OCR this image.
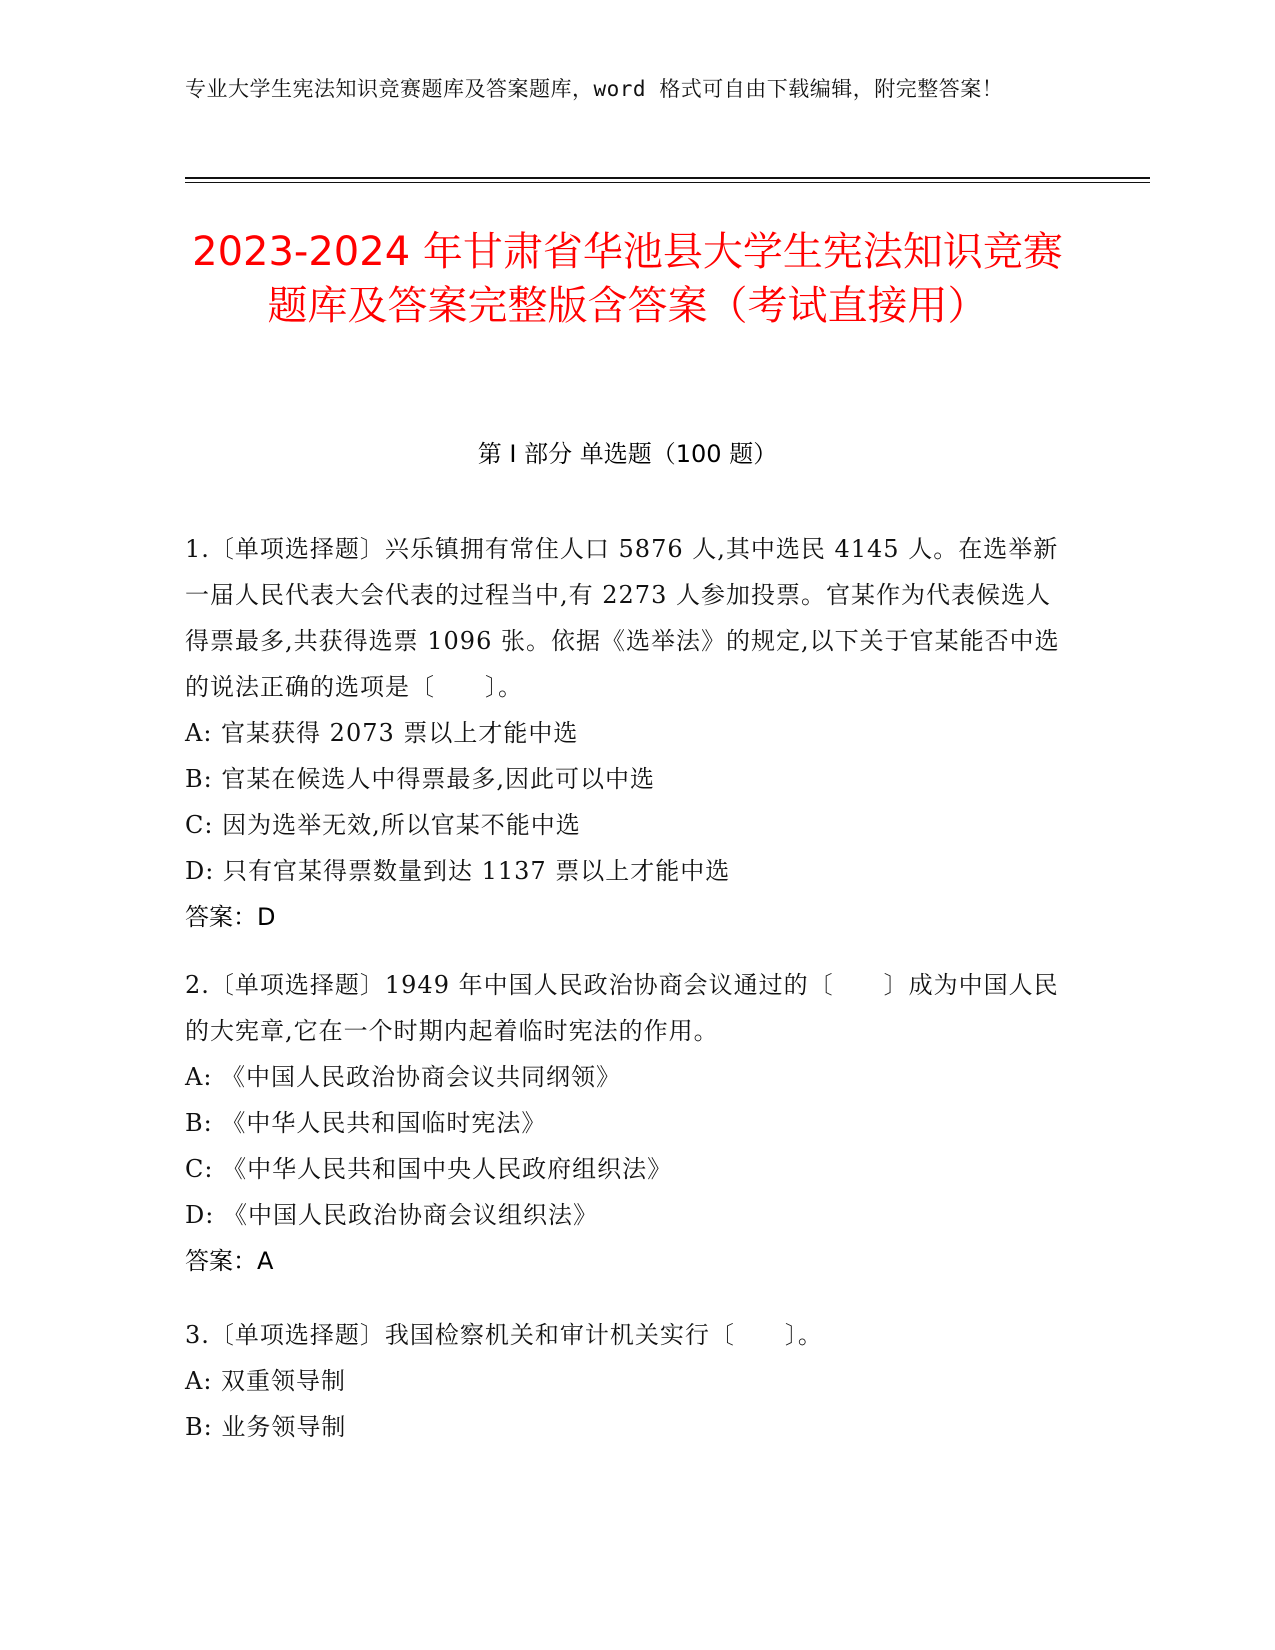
专业大学生宪法知识竞赛题库及答案题库，word 格式可自由下载编辑，附完整答案！
2023-2024 年甘肃省华池县大学生宪法知识竞赛题库及答案完整版含答案（考试直接用）
第 I 部分 单选题（100 题）
1.〔单项选择题〕兴乐镇拥有常住人口 5876 人,其中选民 4145 人。在选举新一届人民代表大会代表的过程当中,有 2273 人参加投票。官某作为代表候选人得票最多,共获得选票 1096 张。依据《选举法》的规定,以下关于官某能否中选的说法正确的选项是〔　　〕。
A: 官某获得 2073 票以上才能中选
B: 官某在候选人中得票最多,因此可以中选
C: 因为选举无效,所以官某不能中选
D: 只有官某得票数量到达 1137 票以上才能中选
答案：D
2.〔单项选择题〕1949 年中国人民政治协商会议通过的〔　　〕成为中国人民的大宪章,它在一个时期内起着临时宪法的作用。
A: 《中国人民政治协商会议共同纲领》
B: 《中华人民共和国临时宪法》
C: 《中华人民共和国中央人民政府组织法》
D: 《中国人民政治协商会议组织法》
答案：A
3.〔单项选择题〕我国检察机关和审计机关实行〔　　〕。
A: 双重领导制
B: 业务领导制
